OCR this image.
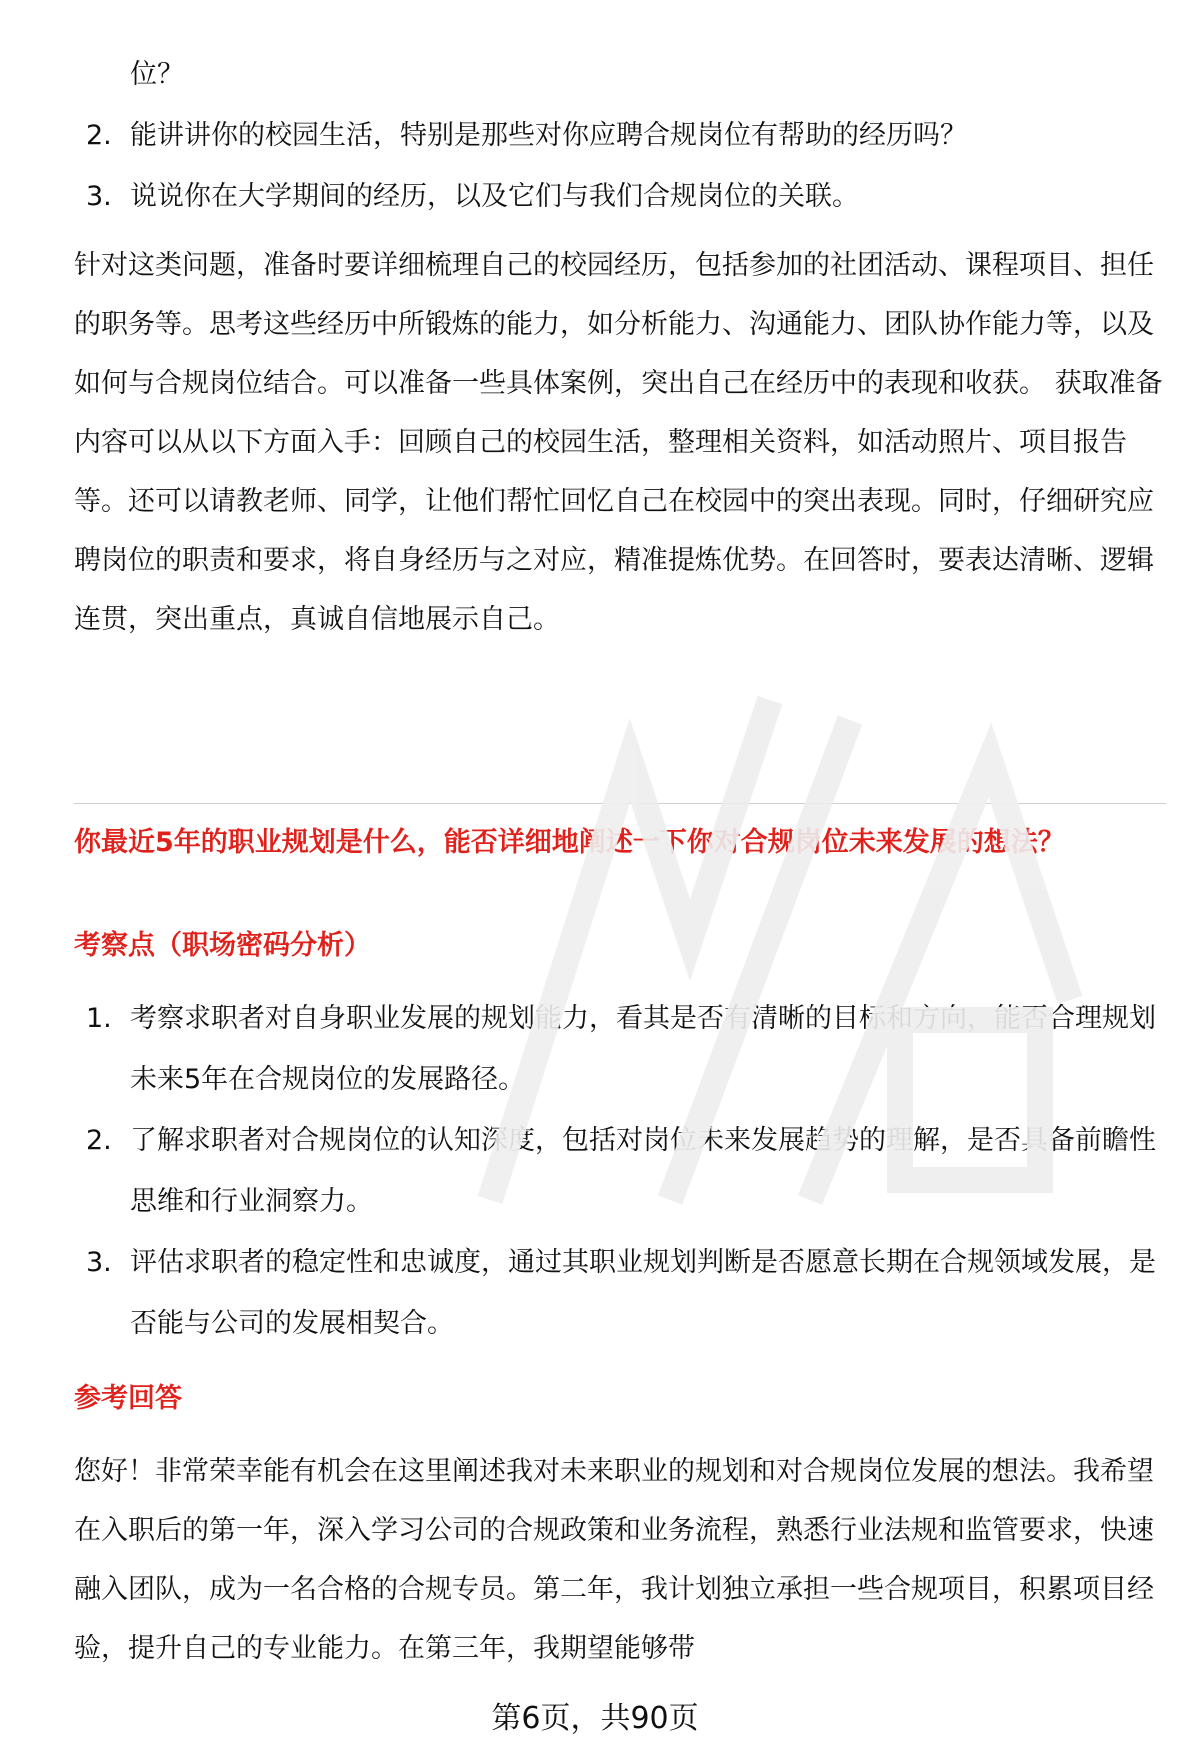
位？
2. 能讲讲你的校园生活，特别是那些对你应聘合规岗位有帮助的经历吗？
3. 说说你在大学期间的经历，以及它们与我们合规岗位的关联。
针对这类问题，准备时要详细梳理自己的校园经历，包括参加的社团活动、课程项目、担任的职务等。思考这些经历中所锻炼的能力，如分析能力、沟通能力、团队协作能力等，以及如何与合规岗位结合。可以准备一些具体案例，突出自己在经历中的表现和收获。 获取准备内容可以从以下方面入手：回顾自己的校园生活，整理相关资料，如活动照片、项目报告等。还可以请教老师、同学，让他们帮忙回忆自己在校园中的突出表现。同时，仔细研究应聘岗位的职责和要求，将自身经历与之对应，精准提炼优势。在回答时，要表达清晰、逻辑连贯，突出重点，真诚自信地展示自己。
你最近5年的职业规划是什么，能否详细地阐述一下你对合规岗位未来发展的想法？
考察点（职场密码分析）
1. 考察求职者对自身职业发展的规划能力，看其是否有清晰的目标和方向，能否合理规划未来5年在合规岗位的发展路径。
2. 了解求职者对合规岗位的认知深度，包括对岗位未来发展趋势的理解，是否具备前瞻性思维和行业洞察力。
3. 评估求职者的稳定性和忠诚度，通过其职业规划判断是否愿意长期在合规领域发展，是否能与公司的发展相契合。
参考回答
您好！非常荣幸能有机会在这里阐述我对未来职业的规划和对合规岗位发展的想法。我希望在入职后的第一年，深入学习公司的合规政策和业务流程，熟悉行业法规和监管要求，快速融入团队，成为一名合格的合规专员。第二年，我计划独立承担一些合规项目，积累项目经验，提升自己的专业能力。在第三年，我期望能够带
第6页，共90页
